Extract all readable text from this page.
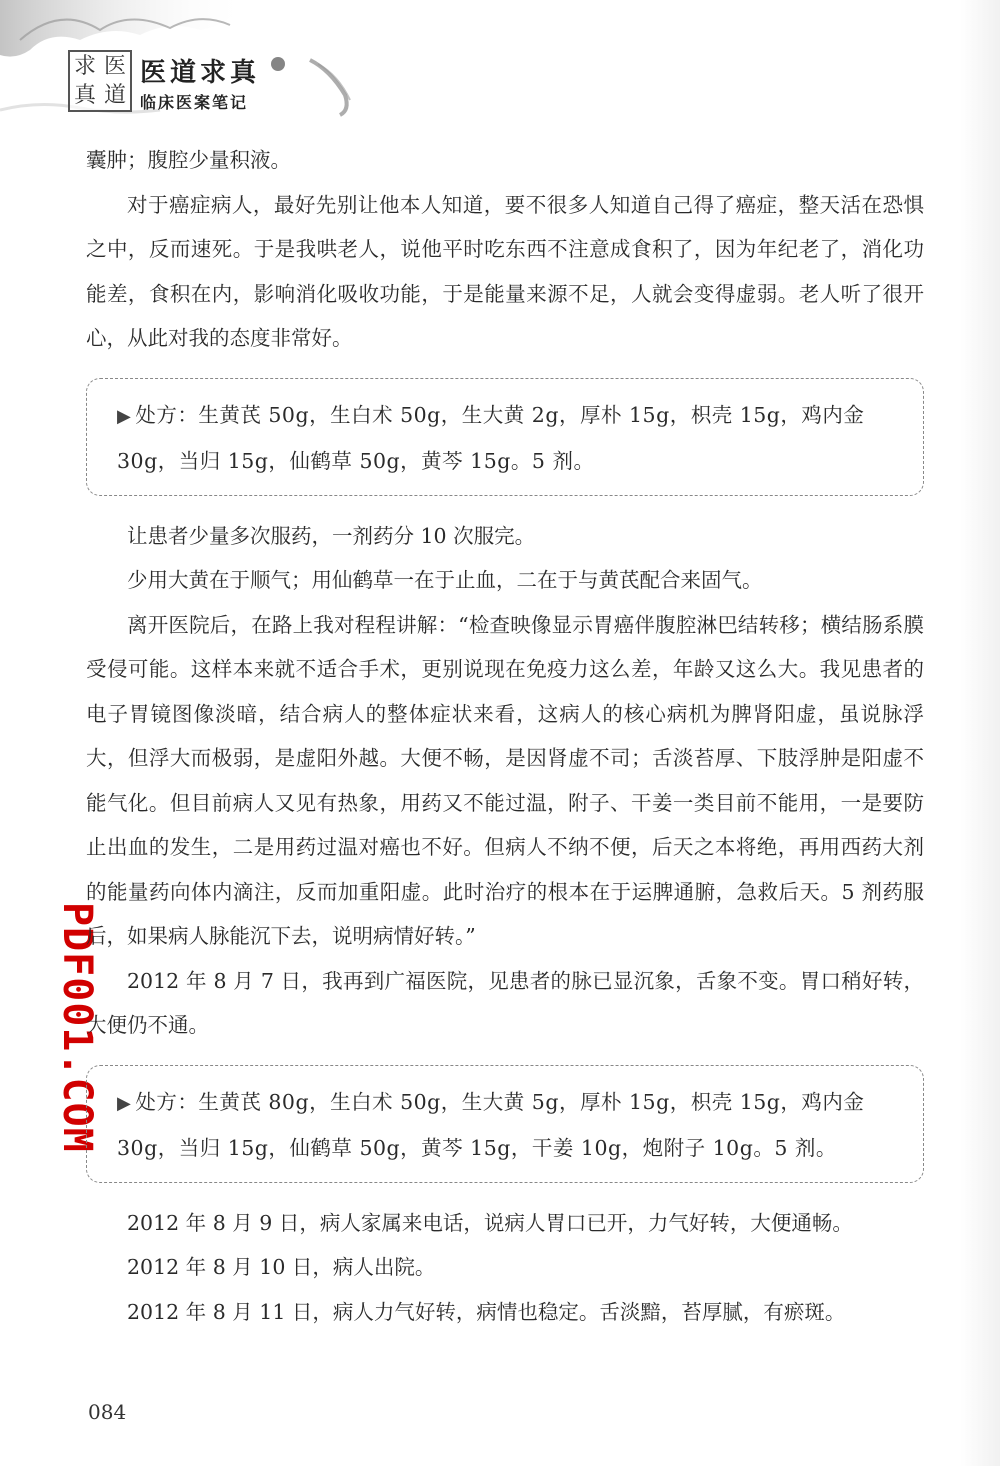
求 医
真 道
医道求真
临床医案笔记
PDF001.COM

囊肿；腹腔少量积液。

对于癌症病人，最好先别让他本人知道，要不很多人知道自己得了癌症，整天活在恐惧之中，反而速死。于是我哄老人，说他平时吃东西不注意成食积了，因为年纪老了，消化功能差，食积在内，影响消化吸收功能，于是能量来源不足，人就会变得虚弱。老人听了很开心，从此对我的态度非常好。

▶ 处方：生黄芪 50g，生白术 50g，生大黄 2g，厚朴 15g，枳壳 15g，鸡内金 30g，当归 15g，仙鹤草 50g，黄芩 15g。5 剂。

让患者少量多次服药，一剂药分 10 次服完。

少用大黄在于顺气；用仙鹤草一在于止血，二在于与黄芪配合来固气。

离开医院后，在路上我对程程讲解：“检查映像显示胃癌伴腹腔淋巴结转移；横结肠系膜受侵可能。这样本来就不适合手术，更别说现在免疫力这么差，年龄又这么大。我见患者的电子胃镜图像淡暗，结合病人的整体症状来看，这病人的核心病机为脾肾阳虚，虽说脉浮大，但浮大而极弱，是虚阳外越。大便不畅，是因肾虚不司；舌淡苔厚、下肢浮肿是阳虚不能气化。但目前病人又见有热象，用药又不能过温，附子、干姜一类目前不能用，一是要防止出血的发生，二是用药过温对癌也不好。但病人不纳不便，后天之本将绝，再用西药大剂的能量药向体内滴注，反而加重阳虚。此时治疗的根本在于运脾通腑，急救后天。5 剂药服后，如果病人脉能沉下去，说明病情好转。”

2012 年 8 月 7 日，我再到广福医院，见患者的脉已显沉象，舌象不变。胃口稍好转，大便仍不通。

▶ 处方：生黄芪 80g，生白术 50g，生大黄 5g，厚朴 15g，枳壳 15g，鸡内金 30g，当归 15g，仙鹤草 50g，黄芩 15g，干姜 10g，炮附子 10g。5 剂。

2012 年 8 月 9 日，病人家属来电话，说病人胃口已开，力气好转，大便通畅。

2012 年 8 月 10 日，病人出院。

2012 年 8 月 11 日，病人力气好转，病情也稳定。舌淡黯，苔厚腻，有瘀斑。

084
